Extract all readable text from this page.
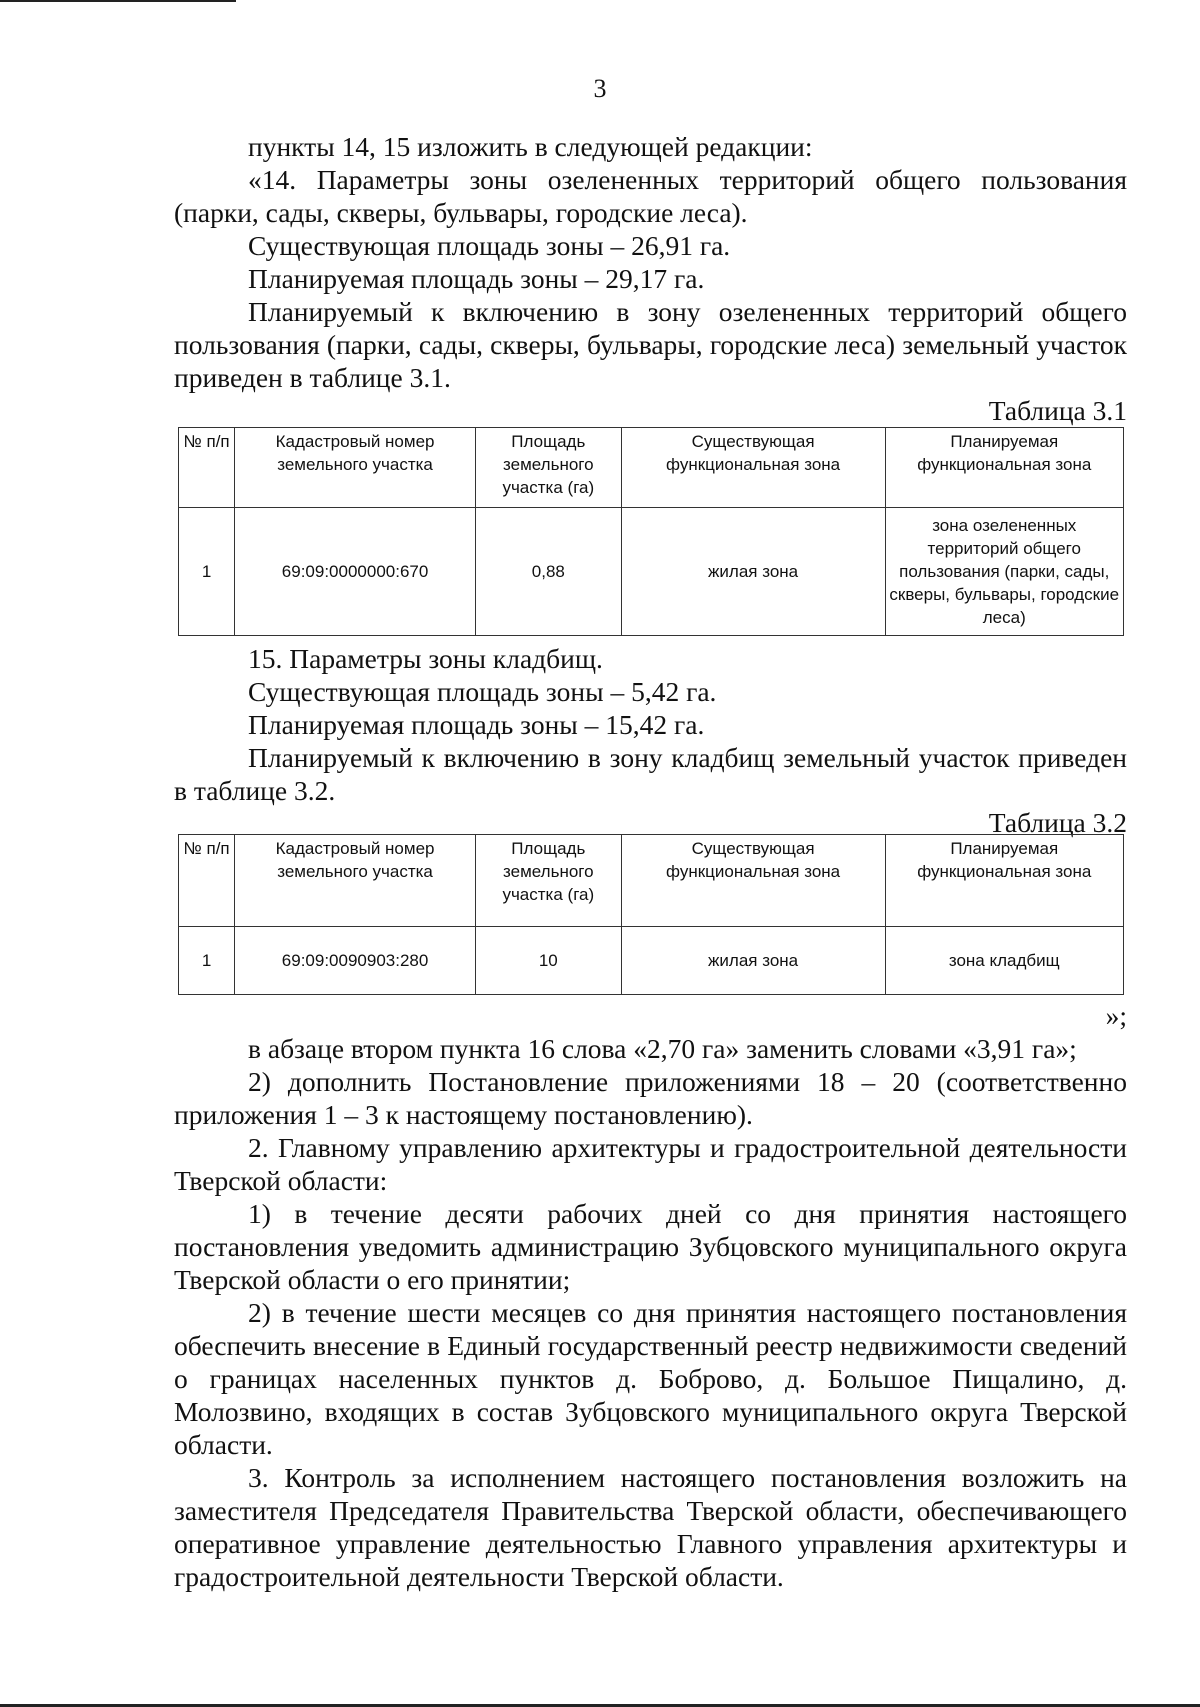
3
пункты 14, 15 изложить в следующей редакции:
«14. Параметры зоны озелененных территорий общего пользования (парки, сады, скверы, бульвары, городские леса).
Существующая площадь зоны – 26,91 га.
Планируемая площадь зоны – 29,17 га.
Планируемый к включению в зону озелененных территорий общего пользования (парки, сады, скверы, бульвары, городские леса) земельный участок приведен в таблице 3.1.
Таблица 3.1
№ п/п	Кадастровый номер земельного участка	Площадь земельного участка (га)	Существующая функциональная зона	Планируемая функциональная зона
1	69:09:0000000:670	0,88	жилая зона	зона озелененных территорий общего пользования (парки, сады, скверы, бульвары, городские леса)
15. Параметры зоны кладбищ.
Существующая площадь зоны – 5,42 га.
Планируемая площадь зоны – 15,42 га.
Планируемый к включению в зону кладбищ земельный участок приведен в таблице 3.2.
Таблица 3.2
№ п/п	Кадастровый номер земельного участка	Площадь земельного участка (га)	Существующая функциональная зона	Планируемая функциональная зона
1	69:09:0090903:280	10	жилая зона	зона кладбищ
»;
в абзаце втором пункта 16 слова «2,70 га» заменить словами «3,91 га»;
2) дополнить Постановление приложениями 18 – 20 (соответственно приложения 1 – 3 к настоящему постановлению).
2. Главному управлению архитектуры и градостроительной деятельности Тверской области:
1) в течение десяти рабочих дней со дня принятия настоящего постановления уведомить администрацию Зубцовского муниципального округа Тверской области о его принятии;
2) в течение шести месяцев со дня принятия настоящего постановления обеспечить внесение в Единый государственный реестр недвижимости сведений о границах населенных пунктов д. Боброво, д. Большое Пищалино, д. Молозвино, входящих в состав Зубцовского муниципального округа Тверской области.
3. Контроль за исполнением настоящего постановления возложить на заместителя Председателя Правительства Тверской области, обеспечивающего оперативное управление деятельностью Главного управления архитектуры и градостроительной деятельности Тверской области.
